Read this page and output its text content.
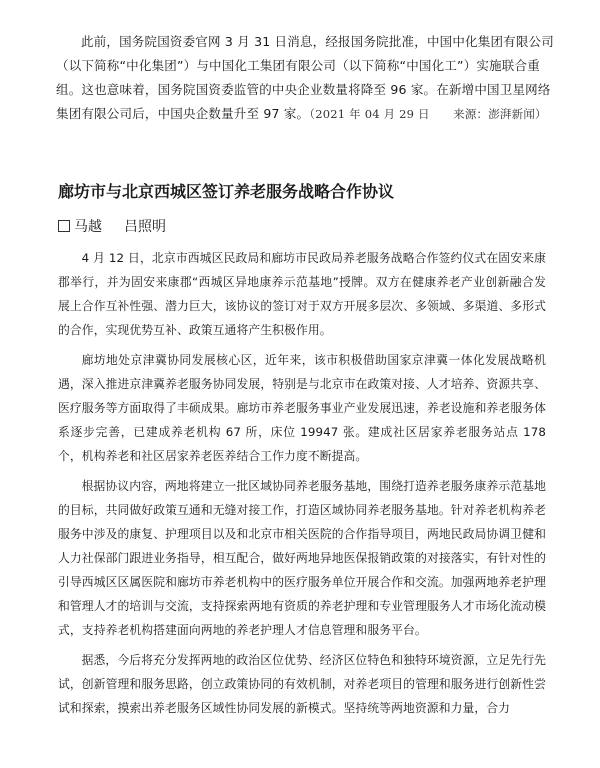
此前，国务院国资委官网 3 月 31 日消息，经报国务院批准，中国中化集团有限公司（以下简称“中化集团”）与中国化工集团有限公司（以下简称“中国化工”）实施联合重组。这也意味着，国务院国资委监管的中央企业数量将降至 96 家。在新增中国卫星网络集团有限公司后，中国央企数量升至 97 家。（2021 年 04 月 29 日　　来源：澎湃新闻）
廊坊市与北京西城区签订养老服务战略合作协议
马越 吕照明

4 月 12 日，北京市西城区民政局和廊坊市民政局养老服务战略合作签约仪式在固安来康郡举行，并为固安来康郡“西城区异地康养示范基地”授牌。双方在健康养老产业创新融合发展上合作互补性强、潜力巨大，该协议的签订对于双方开展多层次、多领域、多渠道、多形式的合作，实现优势互补、政策互通将产生积极作用。

廊坊地处京津冀协同发展核心区，近年来，该市积极借助国家京津冀一体化发展战略机遇，深入推进京津冀养老服务协同发展，特别是与北京市在政策对接、人才培养、资源共享、医疗服务等方面取得了丰硕成果。廊坊市养老服务事业产业发展迅速，养老设施和养老服务体系逐步完善，已建成养老机构 67 所，床位 19947 张。建成社区居家养老服务站点 178 个，机构养老和社区居家养老医养结合工作力度不断提高。

根据协议内容，两地将建立一批区域协同养老服务基地，围绕打造养老服务康养示范基地的目标，共同做好政策互通和无缝对接工作，打造区域协同养老服务基地。针对养老机构养老服务中涉及的康复、护理项目以及和北京市相关医院的合作指导项目，两地民政局协调卫健和人力社保部门跟进业务指导，相互配合，做好两地异地医保报销政策的对接落实，有针对性的引导西城区区属医院和廊坊市养老机构中的医疗服务单位开展合作和交流。加强两地养老护理和管理人才的培训与交流，支持探索两地有资质的养老护理和专业管理服务人才市场化流动模式，支持养老机构搭建面向两地的养老护理人才信息管理和服务平台。

据悉，今后将充分发挥两地的政治区位优势、经济区位特色和独特环境资源，立足先行先试，创新管理和服务思路，创立政策协同的有效机制，对养老项目的管理和服务进行创新性尝试和探索，摸索出养老服务区域性协同发展的新模式。坚持统等两地资源和力量，合力
